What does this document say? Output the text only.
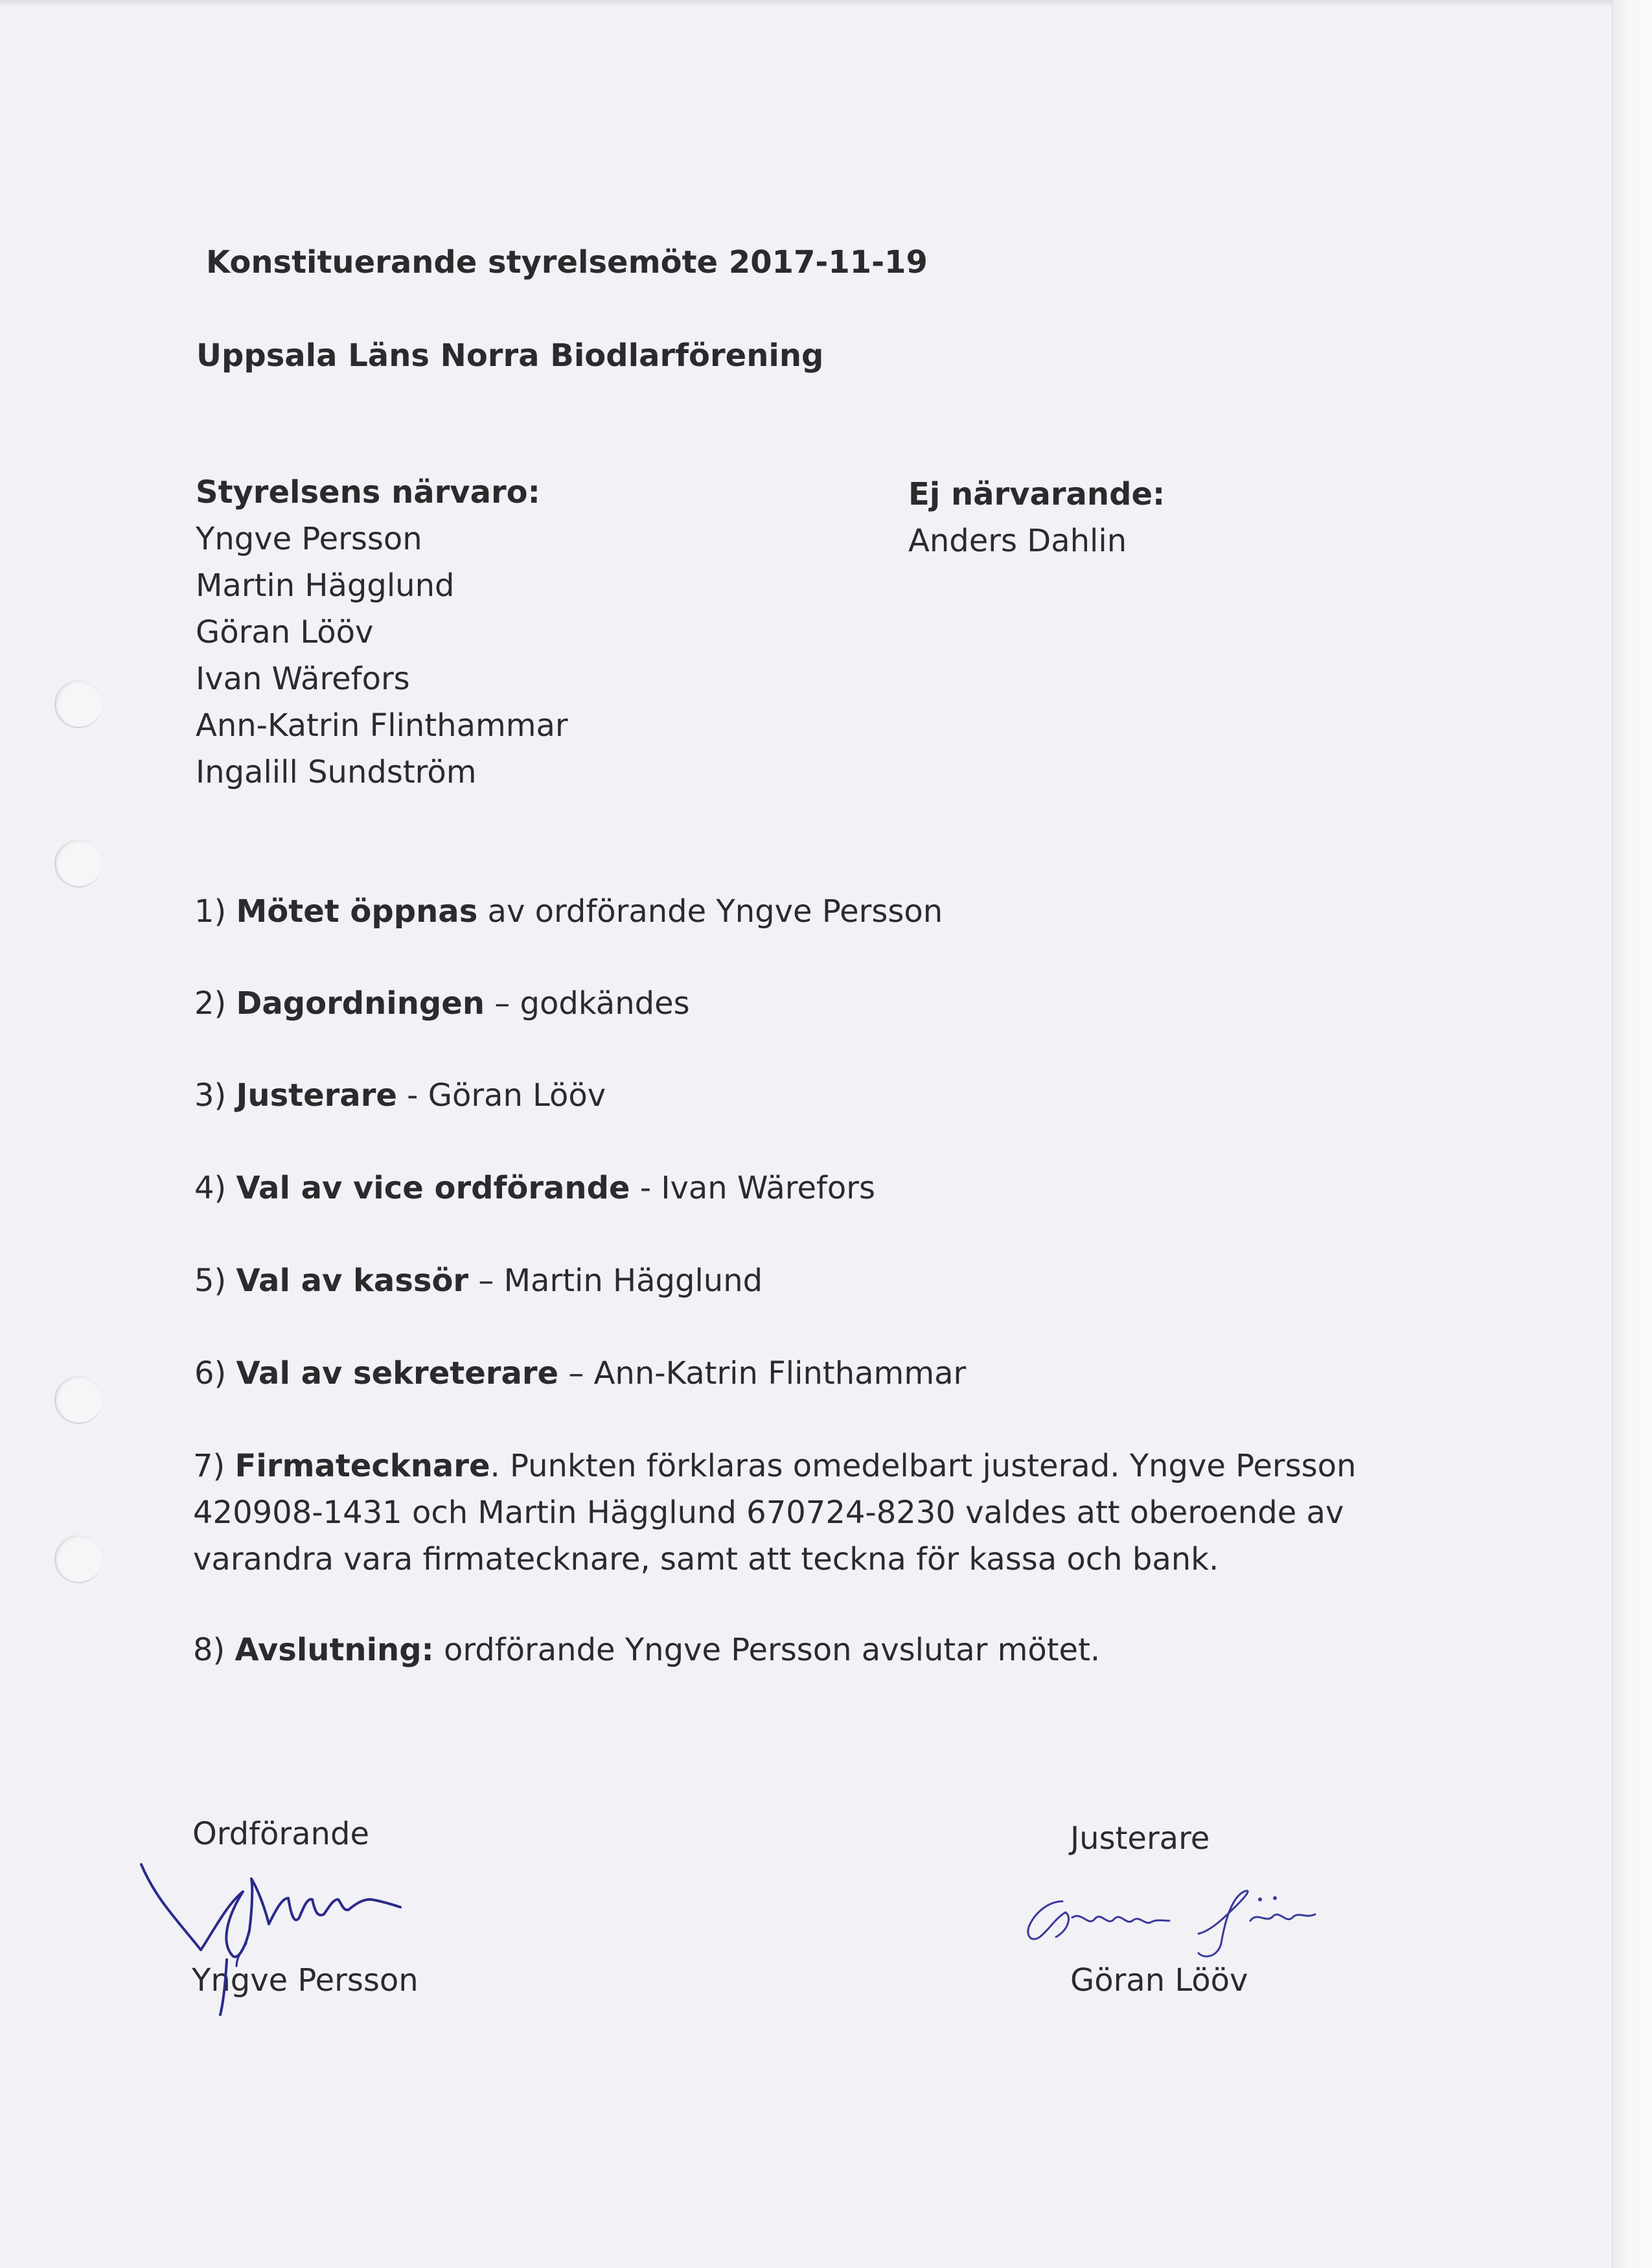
Konstituerande styrelsemöte 2017-11-19
Uppsala Läns Norra Biodlarförening
Styrelsens närvaro:
Yngve Persson
Martin Hägglund
Göran Lööv
Ivan Wärefors
Ann-Katrin Flinthammar
Ingalill Sundström
Ej närvarande:
Anders Dahlin
1) Mötet öppnas av ordförande Yngve Persson
2) Dagordningen – godkändes
3) Justerare - Göran Lööv
4) Val av vice ordförande - Ivan Wärefors
5) Val av kassör – Martin Hägglund
6) Val av sekreterare – Ann-Katrin Flinthammar
7) Firmatecknare. Punkten förklaras omedelbart justerad. Yngve Persson
420908-1431 och Martin Hägglund 670724-8230 valdes att oberoende av
varandra vara firmatecknare, samt att teckna för kassa och bank.
8) Avslutning: ordförande Yngve Persson avslutar mötet.
Ordförande
Yngve Persson
Justerare
Göran Lööv
